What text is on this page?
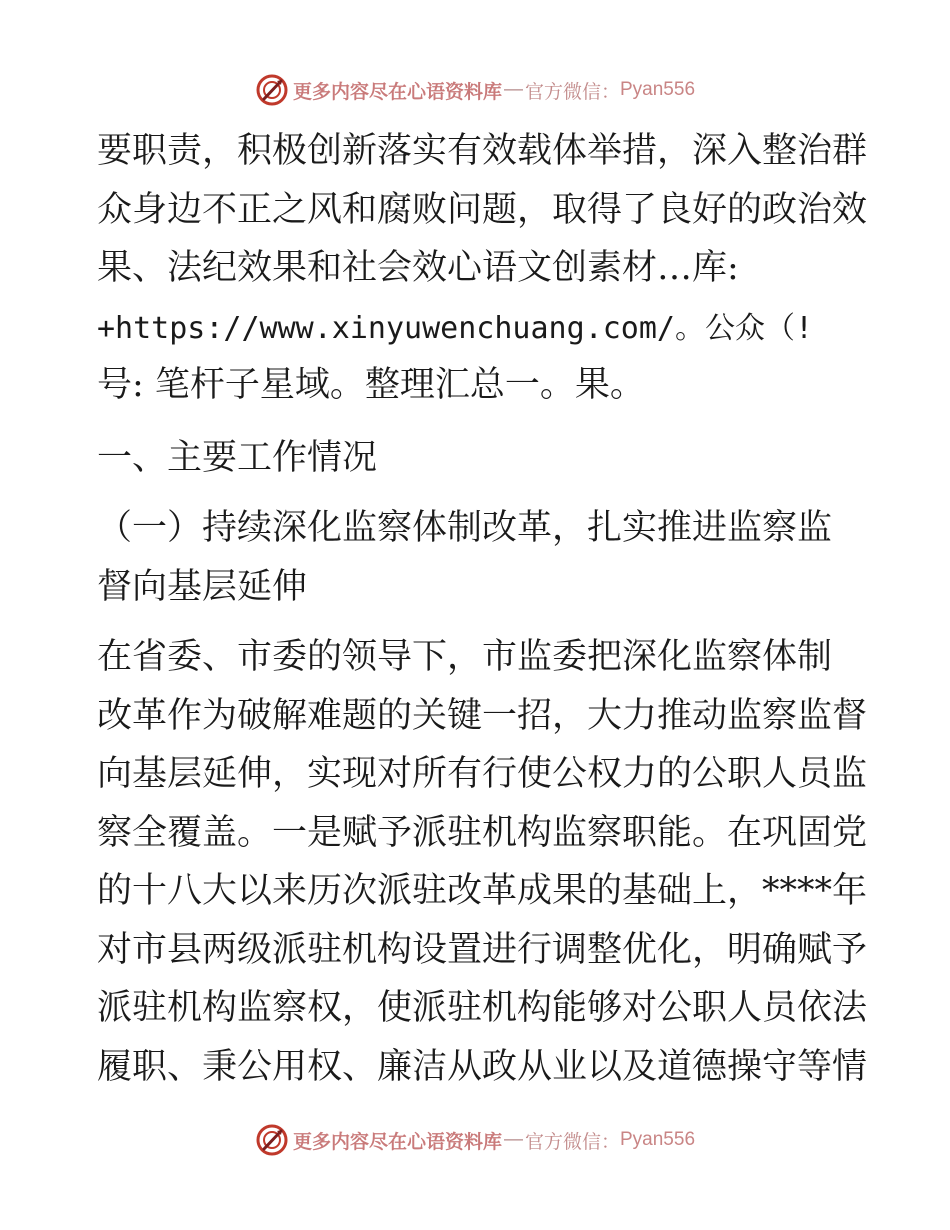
更多内容尽在心语资料库 — 官方微信： Pyan556
要职责，积极创新落实有效载体举措，深入整治群
众身边不正之风和腐败问题，取得了良好的政治效
果、法纪效果和社会效心语文创素材…库:
+https://www.xinyuwenchuang.com/。公众（!
号: 笔杆子星域。整理汇总一。果。
一、主要工作情况
（一）持续深化监察体制改革，扎实推进监察监
督向基层延伸
在省委、市委的领导下，市监委把深化监察体制
改革作为破解难题的关键一招，大力推动监察监督
向基层延伸，实现对所有行使公权力的公职人员监
察全覆盖。一是赋予派驻机构监察职能。在巩固党
的十八大以来历次派驻改革成果的基础上，****年
对市县两级派驻机构设置进行调整优化，明确赋予
派驻机构监察权，使派驻机构能够对公职人员依法
履职、秉公用权、廉洁从政从业以及道德操守等情
更多内容尽在心语资料库 — 官方微信： Pyan556
